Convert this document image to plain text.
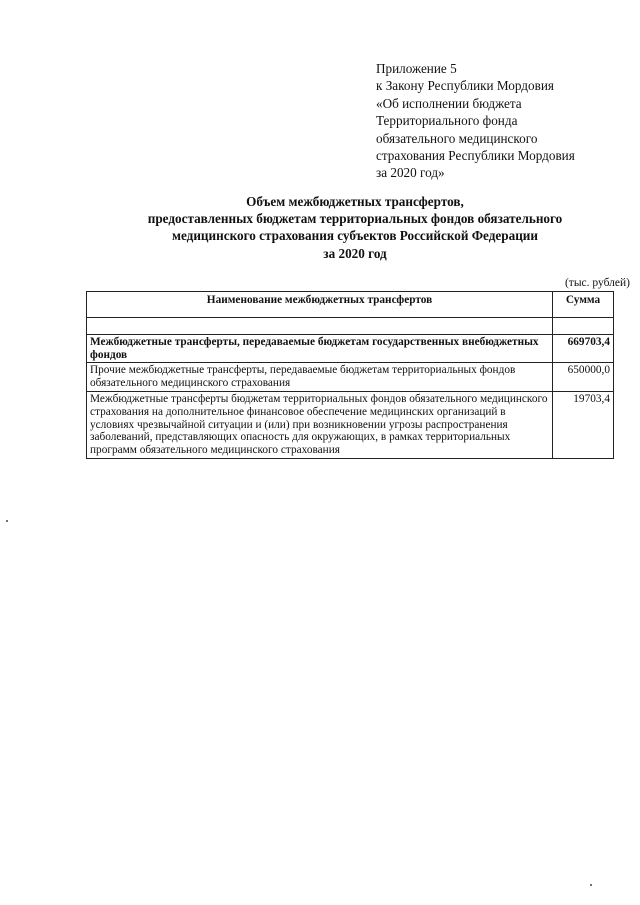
Приложение 5
к Закону Республики Мордовия
«Об исполнении бюджета
Территориального фонда
обязательного медицинского
страхования Республики Мордовия
за 2020 год»
Объем межбюджетных трансфертов,
предоставленных бюджетам территориальных фондов обязательного
медицинского страхования субъектов Российской Федерации
за 2020 год
(тыс. рублей)
Наименование межбюджетных трансфертов	Сумма

Межбюджетные трансферты, передаваемые бюджетам государственных внебюджетных фондов	669703,4
Прочие межбюджетные трансферты, передаваемые бюджетам территориальных фондов обязательного медицинского страхования	650000,0
Межбюджетные трансферты бюджетам территориальных фондов обязательного медицинского страхования на дополнительное финансовое обеспечение медицинских организаций в условиях чрезвычайной ситуации и (или) при возникновении угрозы распространения заболеваний, представляющих опасность для окружающих, в рамках территориальных программ обязательного медицинского страхования	19703,4
